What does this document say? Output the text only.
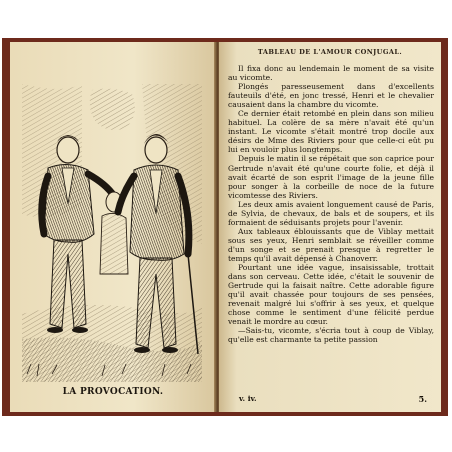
LA PROVOCATION.
TABLEAU DE L'AMOUR CONJUGAL.

Il fixa donc au lendemain le moment de sa visite au vicomte.

Plongés paresseusement dans d'excellents fauteuils d'été, en jonc tressé, Henri et le chevalier causaient dans la chambre du vicomte.

Ce dernier était retombé en plein dans son milieu habituel. La colère de sa mère n'avait été qu'un instant. Le vicomte s'était montré trop docile aux désirs de Mme des Riviers pour que celle-ci eût pu lui en vouloir plus longtemps.

Depuis le matin il se répétait que son caprice pour Gertrude n'avait été qu'une courte folie, et déjà il avait écarté de son esprit l'image de la jeune fille pour songer à la corbeille de noce de la future vicomtesse des Riviers.

Les deux amis avaient longuement causé de Paris, de Sylvia, de chevaux, de bals et de soupers, et ils formaient de séduisants projets pour l'avenir.

Aux tableaux éblouissants que de Viblay mettait sous ses yeux, Henri semblait se réveiller comme d'un songe et se prenait presque à regretter le temps qu'il avait dépensé à Chanoverr.

Pourtant une idée vague, insaisissable, trottait dans son cerveau. Cette idée, c'était le souvenir de Gertrude qui la faisait naître. Cette adorable figure qu'il avait chassée pour toujours de ses pensées, revenait malgré lui s'offrir à ses yeux, et quelque chose comme le sentiment d'une félicité perdue venait le mordre au cœur.

—Sais-tu, vicomte, s'écria tout à coup de Viblay, qu'elle est charmante ta petite passion

v. iv.	5.
